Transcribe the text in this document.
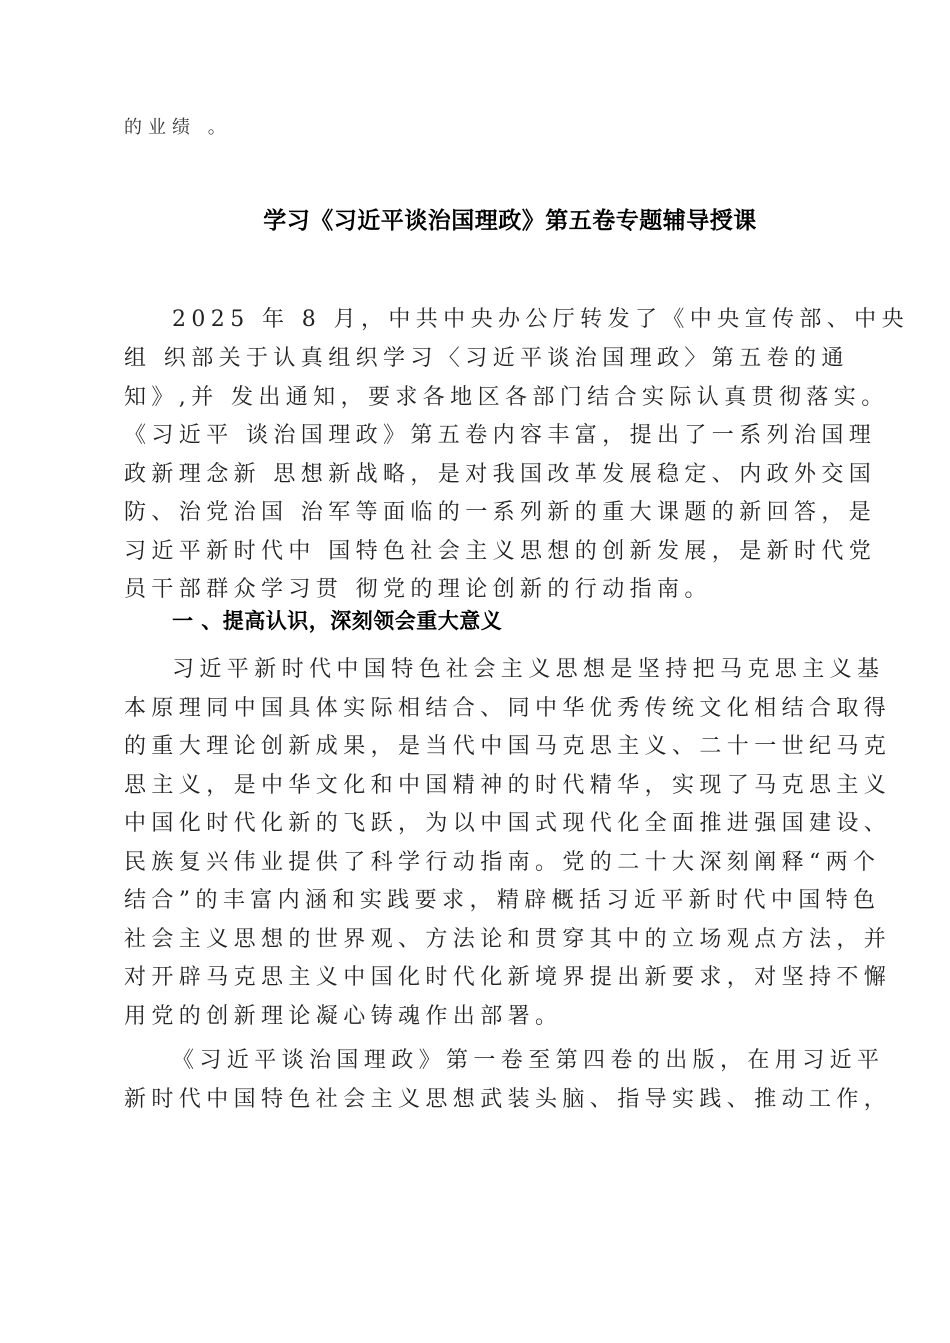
的业绩 。
学习《习近平谈治国理政》第五卷专题辅导授课
2025 年 8 月，中共中央办公厅转发了《中央宣传部、中央
组 织部关于认真组织学习〈习近平谈治国理政〉第五卷的通
知》,并 发出通知，要求各地区各部门结合实际认真贯彻落实。
《习近平 谈治国理政》第五卷内容丰富，提出了一系列治国理
政新理念新 思想新战略，是对我国改革发展稳定、内政外交国
防、治党治国 治军等面临的一系列新的重大课题的新回答，是
习近平新时代中 国特色社会主义思想的创新发展，是新时代党
员干部群众学习贯 彻党的理论创新的行动指南。
一 、提高认识，深刻领会重大意义
习近平新时代中国特色社会主义思想是坚持把马克思主义基
本原理同中国具体实际相结合、同中华优秀传统文化相结合取得
的重大理论创新成果，是当代中国马克思主义、二十一世纪马克
思主义，是中华文化和中国精神的时代精华，实现了马克思主义
中国化时代化新的飞跃，为以中国式现代化全面推进强国建设、
民族复兴伟业提供了科学行动指南。党的二十大深刻阐释“两个
结合”的丰富内涵和实践要求，精辟概括习近平新时代中国特色
社会主义思想的世界观、方法论和贯穿其中的立场观点方法，并
对开辟马克思主义中国化时代化新境界提出新要求，对坚持不懈
用党的创新理论凝心铸魂作出部署。
《习近平谈治国理政》第一卷至第四卷的出版，在用习近平
新时代中国特色社会主义思想武装头脑、指导实践、推动工作，
